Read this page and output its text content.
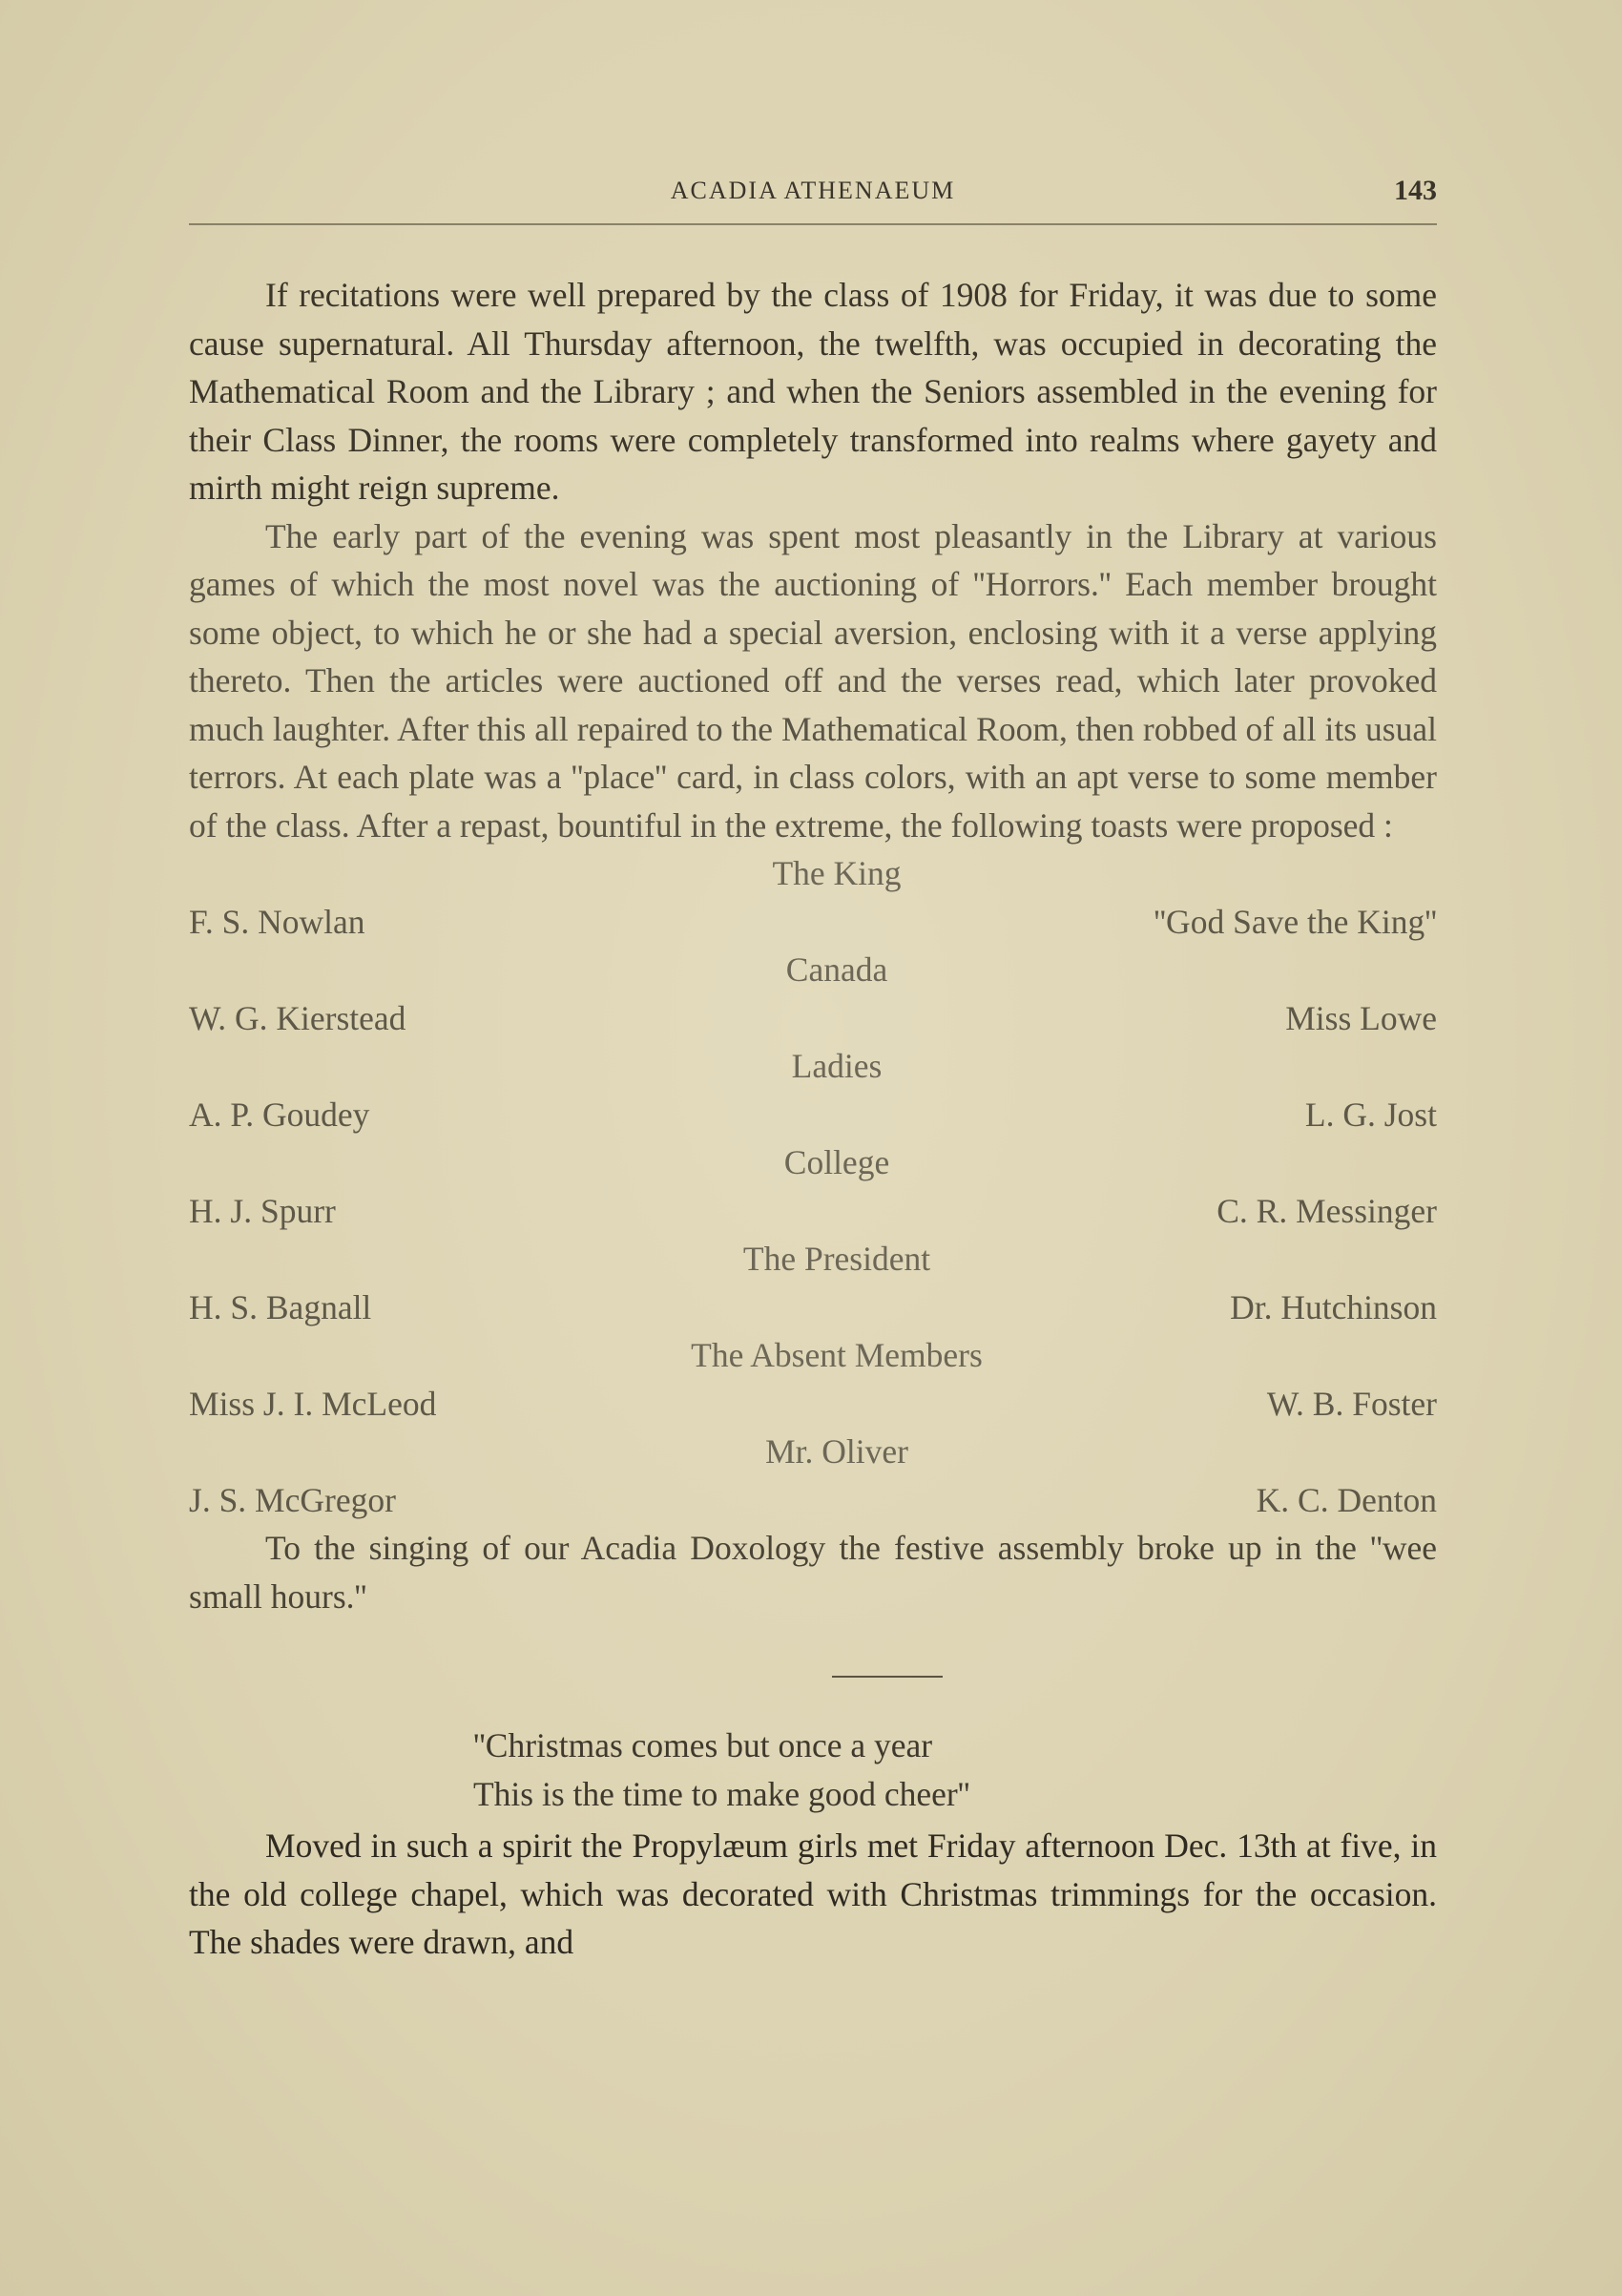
ACADIA ATHENAEUM	143

If recitations were well prepared by the class of 1908 for Friday, it was due to some cause supernatural. All Thursday afternoon, the twelfth, was occupied in decorating the Mathematical Room and the Library ; and when the Seniors assembled in the evening for their Class Dinner, the rooms were completely transformed into realms where gayety and mirth might reign supreme.

The early part of the evening was spent most pleasantly in the Library at various games of which the most novel was the auctioning of ''Horrors.'' Each member brought some object, to which he or she had a special aversion, enclosing with it a verse applying thereto. Then the articles were auctioned off and the verses read, which later provoked much laughter. After this all repaired to the Mathematical Room, then robbed of all its usual terrors. At each plate was a ''place'' card, in class colors, with an apt verse to some member of the class. After a repast, bountiful in the extreme, the following toasts were proposed :

The King
F. S. Nowlan	''God Save the King''
Canada
W. G. Kierstead	Miss Lowe
Ladies
A. P. Goudey	L. G. Jost
College
H. J. Spurr	C. R. Messinger
The President
H. S. Bagnall	Dr. Hutchinson
The Absent Members
Miss J. I. McLeod	W. B. Foster
Mr. Oliver
J. S. McGregor	K. C. Denton

To the singing of our Acadia Doxology the festive assembly broke up in the ''wee small hours.''

''Christmas comes but once a year
This is the time to make good cheer''

Moved in such a spirit the Propylæum girls met Friday afternoon Dec. 13th at five, in the old college chapel, which was decorated with Christmas trimmings for the occasion. The shades were drawn, and
